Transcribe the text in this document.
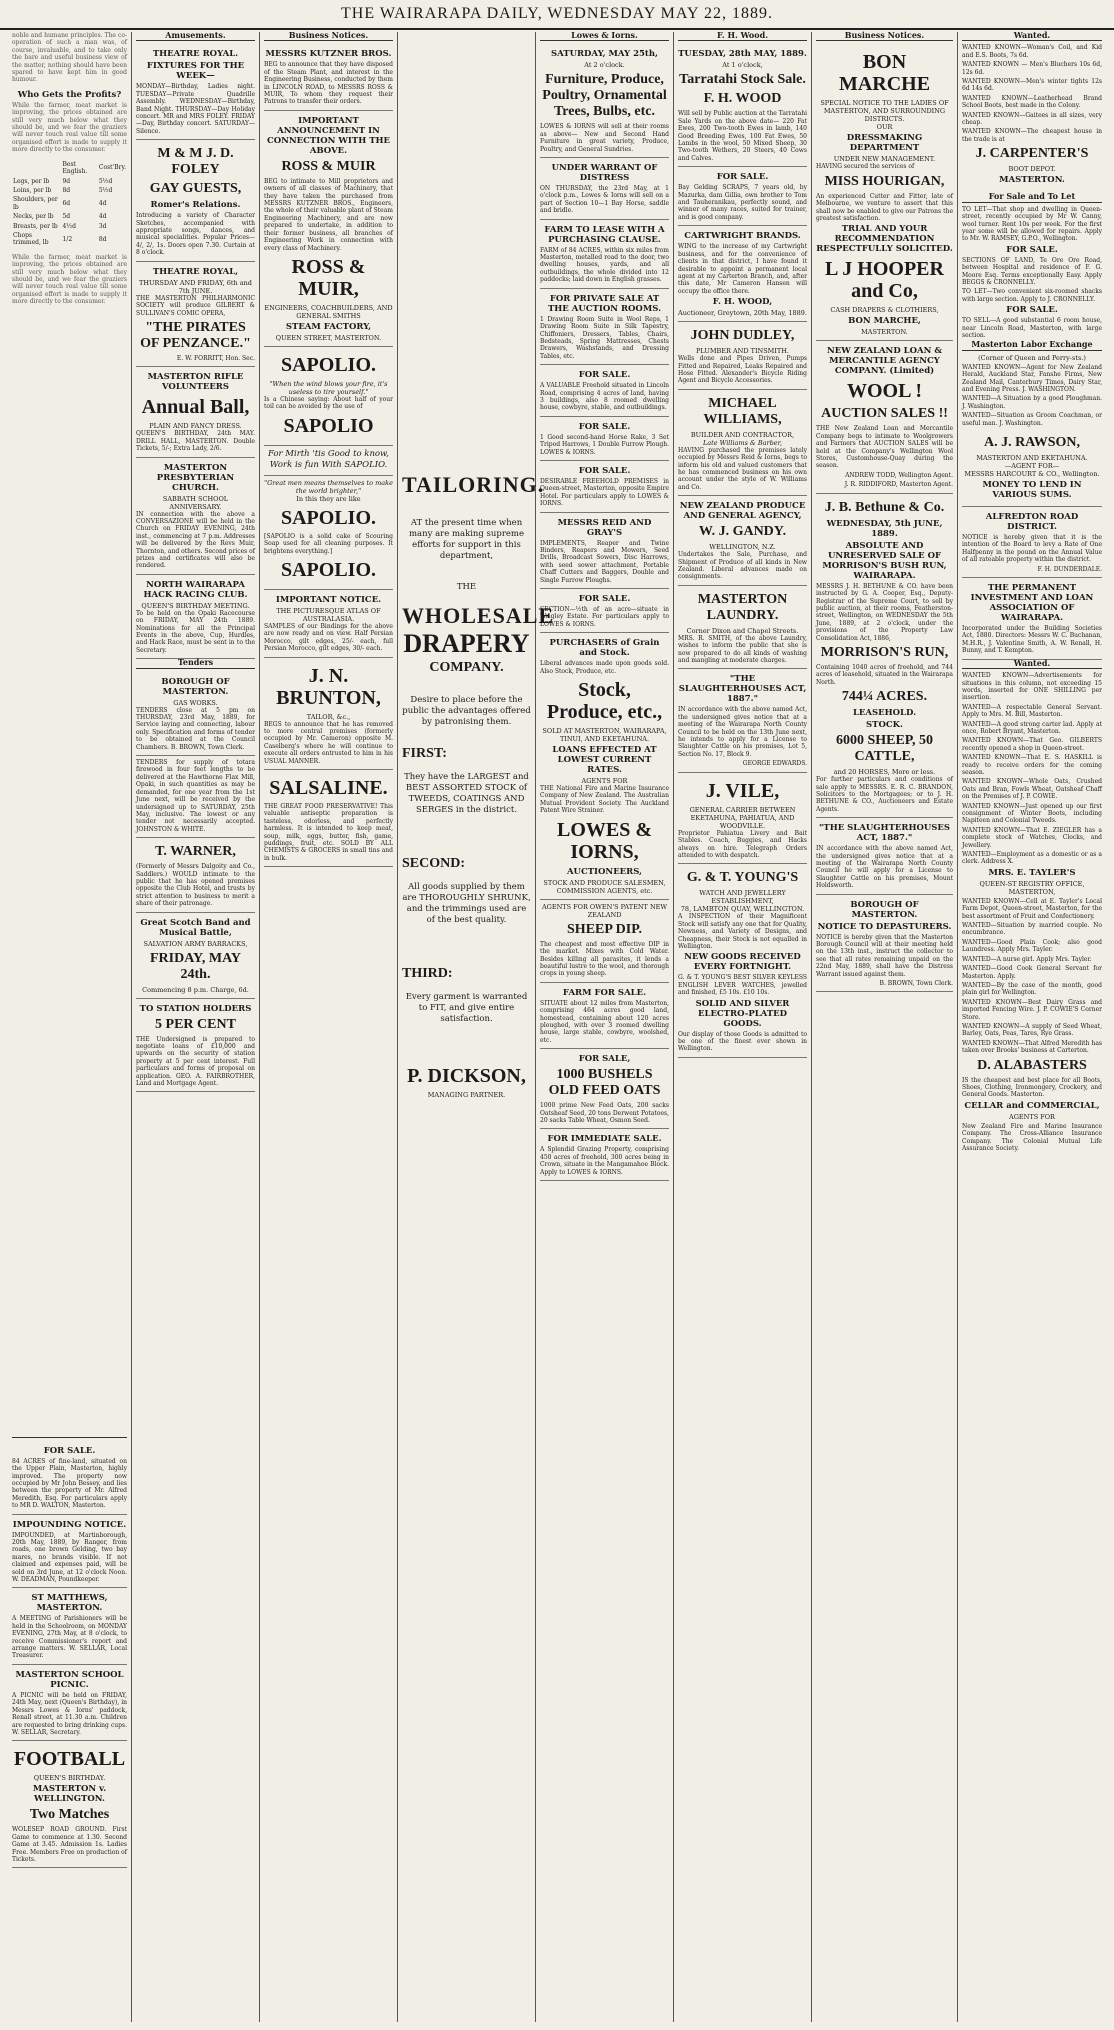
THE WAIRARAPA DAILY, WEDNESDAY MAY 22, 1889.
noble and humane principles. The co-operation of such a man was, of course, invaluable, and to take only the bare and useful business view of the matter, nothing should have been spared to have kept him in good humour.
Who Gets the Profits?
While the farmer, meat market is improving, the prices obtained are still very much below what they should be, and we fear the graziers will never touch real value till some organised effort is made to supply it more directly to the consumer.
	Best English.	Cost'Bry.
Legs, per lb	9d	5½d
Loins, per lb	8d	5½d
Shoulders, per lb	6d	4d
Necks, per lb	5d	4d
Breasts, per lb	4½d	3d
Chops trimmed, lb	1/2	8d
While the farmer, meat market is improving, the prices obtained are still very much below what they should be, and we fear the graziers will never touch real value till some organised effort is made to supply it more directly to the consumer.
FOR SALE.
84 ACRES of fine-land, situated on the Upper Plain, Masterton, highly improved. The property now occupied by Mr John Bessey, and lies between the property of Mr. Alfred Meredith, Esq. For particulars apply to MR D. WALTON, Masterton.
IMPOUNDING NOTICE.
IMPOUNDED, at Martinborough, 20th May, 1889, by Ranger, from roads, one brown Gelding, two bay mares, no brands visible. If not claimed and expenses paid, will be sold on 3rd June, at 12 o'clock Noon. W. DEADMAN, Poundkeeper.
ST MATTHEWS, MASTERTON.
A MEETING of Parishioners will be held in the Schoolroom, on MONDAY EVENING, 27th May, at 8 o'clock, to receive Commissioner's report and arrange matters. W. SELLAR, Local Treasurer.
MASTERTON SCHOOL PICNIC.
A PICNIC will be held on FRIDAY, 24th May, next (Queen's Birthday), in Messrs Lowes & Iorns' paddock, Renall street, at 11.30 a.m. Children are requested to bring drinking cups. W. SELLAR, Secretary.
FOOTBALL
QUEEN'S BIRTHDAY.
MASTERTON v. WELLINGTON.
Two Matches
WOLESEP ROAD GROUND. First Game to commence at 1.30. Second Game at 3.45. Admission 1s. Ladies Free. Members Free on production of Tickets.
Amusements.
THEATRE ROYAL.
FIXTURES FOR THE WEEK—
MONDAY—Birthday, Ladies night. TUESDAY—Private Quadrille Assembly. WEDNESDAY—Birthday, Band Night. THURSDAY—Day Holiday concert. MR and MRS FOLEY. FRIDAY—Day, Birthday concert. SATURDAY—Silence.
M & M J. D. FOLEY
GAY GUESTS,
Romer's Relations.
Introducing a variety of Character Sketches, accompanied with appropriate songs, dances, and musical specialities. Popular Prices—4/, 2/, 1s. Doors open 7.30. Curtain at 8 o'clock.
THEATRE ROYAL,
THURSDAY AND FRIDAY, 6th and 7th JUNE.
THE MASTERTON PHILHARMONIC SOCIETY will produce GILBERT & SULLIVAN'S COMIC OPERA,
"THE PIRATES OF PENZANCE."
E. W. FORRITT, Hon. Sec.
MASTERTON RIFLE VOLUNTEERS
Annual Ball,
PLAIN AND FANCY DRESS.
QUEEN'S BIRTHDAY, 24th MAY. DRILL HALL, MASTERTON. Double Tickets, 5/-; Extra Lady, 2/6.
MASTERTON PRESBYTERIAN CHURCH.
SABBATH SCHOOL ANNIVERSARY.
IN connection with the above a CONVERSAZIONE will be held in the Church on FRIDAY EVENING, 24th inst., commencing at 7 p.m. Addresses will be delivered by the Revs Muir, Thornton, and others. Second prices of prizes and certificates will also be rendered.
NORTH WAIRARAPA HACK RACING CLUB.
QUEEN'S BIRTHDAY MEETING.
To be held on the Opaki Racecourse on FRIDAY, MAY 24th 1889. Nominations for all the Principal Events in the above, Cup, Hurdles, and Hack Race, must be sent in to the Secretary.
Tenders
BOROUGH OF MASTERTON.
GAS WORKS.
TENDERS close at 5 pm on THURSDAY, 23rd May, 1889, for Service laying and connecting, labour only. Specification and forms of tender to be obtained at the Council Chambers. B. BROWN, Town Clerk.
TENDERS for supply of totara firewood in four feet lengths to be delivered at the Hawthorne Flax Mill, Opaki, in such quantities as may be demanded, for one year from the 1st June next, will be received by the undersigned up to SATURDAY, 25th May, inclusive. The lowest or any tender not necessarily accepted. JOHNSTON & WHITE.
T. WARNER,
(Formerly of Messrs Dalgoity and Co., Saddlers.) WOULD intimate to the public that he has opened premises opposite the Club Hotel, and trusts by strict attention to business to merit a share of their patronage.
Great Scotch Band and Musical Battle,
SALVATION ARMY BARRACKS,
FRIDAY, MAY 24th.
Commencing 8 p.m. Charge, 6d.
TO STATION HOLDERS
5 PER CENT
THE Undersigned is prepared to negotiate loans of £10,000 and upwards on the security of station property at 5 per cent interest. Full particulars and forms of proposal on application. GEO. A. FAIRBROTHER, Land and Mortgage Agent.
Business Notices.
MESSRS KUTZNER BROS.
BEG to announce that they have disposed of the Steam Plant, and interest in the Engineering Business, conducted by them in LINCOLN ROAD, to MESSRS ROSS & MUIR, To whom they request their Patrons to transfer their orders.
IMPORTANT ANNOUNCEMENT IN CONNECTION WITH THE ABOVE.
ROSS & MUIR
BEG to intimate to Mill proprietors and owners of all classes of Machinery, that they have taken the purchased from MESSRS KUTZNER BROS., Engineers, the whole of their valuable plant of Steam Engineering Machinery, and are now prepared to undertake, in addition to their former business, all branches of Engineering Work in connection with every class of Machinery.
ROSS & MUIR,
ENGINEERS, COACHBUILDERS, AND GENERAL SMITHS
STEAM FACTORY,
QUEEN STREET, MASTERTON.
SAPOLIO.
"When the wind blows your fire, it's useless to tire yourself."
Is a Chinese saying: About half of your toil can be avoided by the use of
SAPOLIO
For Mirth 'tis Good to know, Work is fun With SAPOLIO.
"Great men means themselves to make the world brighter,"
In this they are like
SAPOLIO.
[SAPOLIO is a solid cake of Scouring Soap used for all cleaning purposes. It brightens everything.]
SAPOLIO.
IMPORTANT NOTICE.
THE PICTURESQUE ATLAS OF AUSTRALASIA.
SAMPLES of our Bindings for the above are now ready and on view. Half Persian Morocco, gilt edges, 25/- each, full Persian Morocco, gilt edges, 30/- each.
J. N. BRUNTON,
TAILOR, &c.,
BEGS to announce that he has removed to more central premises (formerly occupied by Mr. Cameron) opposite M. Caselberg's where he will continue to execute all orders entrusted to him in his USUAL MANNER.
SALSALINE.
THE GREAT FOOD PRESERVATIVE! This valuable antiseptic preparation is tasteless, odorless, and perfectly harmless. It is intended to keep meat, soup, milk, eggs, butter, fish, game, puddings, fruit, etc. SOLD BY ALL CHEMISTS & GROCERS in small tins and in bulk.
TAILORING.
AT the present time when many are making supreme efforts for support in this department,
THE
WHOLESALE
DRAPERY
COMPANY.
Desire to place before the public the advantages offered by patronising them.
FIRST:
They have the LARGEST and BEST ASSORTED STOCK of TWEEDS, COATINGS AND SERGES in the district.
SECOND:
All goods supplied by them are THOROUGHLY SHRUNK, and the trimmings used are of the best quality.
THIRD:
Every garment is warranted to FIT, and give entire satisfaction.
P. DICKSON,
MANAGING PARTNER.
Lowes & Iorns.
SATURDAY, MAY 25th,
At 2 o'clock.
Furniture, Produce, Poultry, Ornamental Trees, Bulbs, etc.
LOWES & IORNS will sell at their rooms as above— New and Second Hand Furniture in great variety, Produce, Poultry, and General Sundries.
UNDER WARRANT OF DISTRESS
ON THURSDAY, the 23rd May, at 1 o'clock p.m., Lowes & Iorns will sell on a part of Section 10—1 Bay Horse, saddle and bridle.
FARM TO LEASE WITH A PURCHASING CLAUSE.
FARM of 84 ACRES, within six miles from Masterton, metalled road to the door, two dwelling houses, yards, and all outbuildings, the whole divided into 12 paddocks; laid down in English grasses.
FOR PRIVATE SALE AT THE AUCTION ROOMS.
1 Drawing Room Suite in Wool Reps, 1 Drawing Room Suite in Silk Tapestry, Chiffoniers, Dressers, Tables, Chairs, Bedsteads, Spring Mattresses, Chests Drawers, Washstands, and Dressing Tables, etc.
FOR SALE.
A VALUABLE Freehold situated in Lincoln Road, comprising 4 acres of land, having 3 buildings, also 8 roomed dwelling house, cowbyre, stable, and outbuildings.
FOR SALE.
1 Good second-hand Horse Rake, 3 Set Tripod Harrows, 1 Double Furrow Plough. LOWES & IORNS.
FOR SALE.
DESIRABLE FREEHOLD PREMISES in Queen-street, Masterton, opposite Empire Hotel. For particulars apply to LOWES & IORNS.
MESSRS REID AND GRAY'S
IMPLEMENTS, Reaper and Twine Binders, Reapers and Mowers, Seed Drills, Broadcast Sowers, Disc Harrows, with seed sower attachment, Portable Chaff Cutters and Baggers, Double and Single Furrow Ploughs.
FOR SALE.
SECTION—½th of an acre—situate in Wrigley Estate. For particulars apply to LOWES & IORNS.
PURCHASERS of Grain and Stock.
Liberal advances made upon goods sold. Also Stock, Produce, etc.
Stock, Produce, etc.,
SOLD AT MASTERTON, WAIRARAPA, TINUI, AND EKETAHUNA.
LOANS EFFECTED AT LOWEST CURRENT RATES.
AGENTS FOR
THE National Fire and Marine Insurance Company of New Zealand. The Australian Mutual Provident Society. The Auckland Patent Wire Strainer.
LOWES & IORNS,
AUCTIONEERS,
STOCK AND PRODUCE SALESMEN, COMMISSION AGENTS, etc.
AGENTS FOR OWEN'S PATENT NEW ZEALAND
SHEEP DIP.
The cheapest and most effective DIP in the market. Mixes with Cold Water. Besides killing all parasites, it lends a beautiful lustre to the wool, and thorough crops in young sheep.
FARM FOR SALE.
SITUATE about 12 miles from Masterton, comprising 464 acres good land, homestead, containing about 120 acres ploughed, with over 3 roomed dwelling house, large stable, cowbyre, woolshed, etc.
FOR SALE,
1000 BUSHELS OLD FEED OATS
1000 prime New Feed Oats, 200 sacks Oatsheaf Seed, 20 tons Derwent Potatoes, 20 sacks Table Wheat, Osmon Seed.
FOR IMMEDIATE SALE.
A Splendid Grazing Property, comprising 450 acres of freehold, 300 acres being in Crown, situate in the Mangamahoe Block. Apply to LOWES & IORNS.
F. H. Wood.
TUESDAY, 28th MAY, 1889.
At 1 o'clock,
Tarratahi Stock Sale.
F. H. WOOD
Will sell by Public auction at the Tarratahi Sale Yards on the above date— 220 Fat Ewes, 200 Two-tooth Ewes in lamb, 140 Good Breeding Ewes, 100 Fat Ewes, 50 Lambs in the wool, 50 Mixed Sheep, 30 Two-tooth Wethers, 20 Steers, 40 Cows and Calves.
FOR SALE.
Bay Gelding SCRAPS, 7 years old, by Mazurka, dam Gillia, own brother to Tom and Tauheranikau, perfectly sound, and winner of many races, suited for trainer, and is good company.
CARTWRIGHT BRANDS.
WING to the increase of my Cartwright business, and for the convenience of clients in that district, I have found it desirable to appoint a permanent local agent at my Carterton Branch, and, after this date, Mr Cameron Hansen will occupy the office there.
F. H. WOOD,
Auctioneer, Greytown, 20th May, 1889.
JOHN DUDLEY,
PLUMBER AND TINSMITH.
Wells done and Pipes Driven, Pumps Fitted and Repaired, Leaks Repaired and Hose Fitted. Alexander's Bicycle Riding Agent and Bicycle Accessories.
MICHAEL WILLIAMS,
BUILDER AND CONTRACTOR,
Late Williams & Barber,
HAVING purchased the premises lately occupied by Messrs Reid & Iorns, begs to inform his old and valued customers that he has commenced business on his own account under the style of W. Williams and Co.
NEW ZEALAND PRODUCE AND GENERAL AGENCY,
W. J. GANDY.
WELLINGTON, N.Z.
Undertakes the Sale, Purchase, and Shipment of Produce of all kinds in New Zealand. Liberal advances made on consignments.
MASTERTON LAUNDRY.
Corner Dixon and Chapel Streets.
MRS. R. SMITH, of the above Laundry, wishes to inform the public that she is now prepared to do all kinds of washing and mangling at moderate charges.
"THE SLAUGHTERHOUSES ACT, 1887."
IN accordance with the above named Act, the undersigned gives notice that at a meeting of the Wairarapa North County Council to be held on the 13th June next, he intends to apply for a License to Slaughter Cattle on his premises, Lot 5, Section No. 17, Block 9.
GEORGE EDWARDS.
J. VILE,
GENERAL CARRIER BETWEEN EKETAHUNA, PAHIATUA, AND WOODVILLE.
Proprietor Pahiatua Livery and Bait Stables. Coach, Buggies, and Hacks always on hire. Telegraph Orders attended to with despatch.
G. & T. YOUNG'S
WATCH AND JEWELLERY ESTABLISHMENT,
78, LAMBTON QUAY, WELLINGTON.
A INSPECTION of their Magnificent Stock will satisfy any one that for Quality, Newness, and Variety of Designs, and Cheapness, their Stock is not equalled in Wellington.
NEW GOODS RECEIVED EVERY FORTNIGHT.
G. & T. YOUNG'S BEST SILVER KEYLESS ENGLISH LEVER WATCHES, jewelled and finished, £5 10s. £10 10s.
SOLID AND SILVER ELECTRO-PLATED GOODS.
Our display of those Goods is admitted to be one of the finest ever shown in Wellington.
Business Notices.
BON MARCHE
SPECIAL NOTICE TO THE LADIES OF MASTERTON, AND SURROUNDING DISTRICTS.
OUR
DRESSMAKING DEPARTMENT
UNDER NEW MANAGEMENT.
HAVING secured the services of
MISS HOURIGAN,
An experienced Cutter and Fitter, late of Melbourne, we venture to assert that this shall now be enabled to give our Patrons the greatest satisfaction.
TRIAL AND YOUR RECOMMENDATION RESPECTFULLY SOLICITED.
L J HOOPER and Co,
CASH DRAPERS & CLOTHIERS,
BON MARCHE,
MASTERTON.
NEW ZEALAND LOAN & MERCANTILE AGENCY COMPANY. (Limited)
WOOL !
AUCTION SALES !!
THE New Zealand Loan and Mercantile Company begs to intimate to Woolgrowers and Farmers that AUCTION SALES will be held at the Company's Wellington Wool Stores, Customhouse-Quay during the season.
ANDREW TODD, Wellington Agent.
J. R. RIDDIFORD, Masterton Agent.
J. B. Bethune & Co.
WEDNESDAY, 5th JUNE, 1889.
ABSOLUTE AND UNRESERVED SALE OF MORRISON'S BUSH RUN, WAIRARAPA.
MESSRS J. H. BETHUNE & CO. have been instructed by G. A. Cooper, Esq., Deputy-Registrar of the Supreme Court, to sell by public auction, at their rooms, Featherston-street, Wellington, on WEDNESDAY the 5th June, 1889, at 2 o'clock, under the provisions of the Property Law Consolidation Act, 1886,
MORRISON'S RUN,
Containing 1040 acres of freehold, and 744 acres of leasehold, situated in the Wairarapa North.
744¼ ACRES.
LEASEHOLD.
STOCK.
6000 SHEEP, 50 CATTLE,
and 20 HORSES, More or less.
For further particulars and conditions of sale apply to MESSRS. E. R. C. BRANDON, Solicitors to the Mortgagees; or to J. H. BETHUNE & CO., Auctioneers and Estate Agents.
"THE SLAUGHTERHOUSES ACT, 1887."
IN accordance with the above named Act, the undersigned gives notice that at a meeting of the Wairarapa North County Council he will apply for a License to Slaughter Cattle on his premises, Mount Holdsworth.
BOROUGH OF MASTERTON.
NOTICE TO DEPASTURERS.
NOTICE is hereby given that the Masterton Borough Council will at their meeting held on the 13th inst., instruct the collector to see that all rates remaining unpaid on the 22nd May, 1889, shall have the Distress Warrant issued against them.
B. BROWN, Town Clerk.
Wanted.
WANTED KNOWN—Woman's Coil, and Kid and E.S. Boots, 7s 6d.
WANTED KNOWN — Men's Bluchers 10s 6d, 12s 6d.
WANTED KNOWN—Men's winter tights 12s 6d 14s 6d.
WANTED KNOWN—Leatherhead Brand School Boots, best made in the Colony.
WANTED KNOWN—Gaitees in all sizes, very cheap.
WANTED KNOWN—The cheapest house in the trade is at
J. CARPENTER'S
BOOT DEPOT.
MASTERTON.
For Sale and To Let
TO LET—That shop and dwelling in Queen-street, recently occupied by Mr W. Canny, wool turner. Rent 10s per week. For the first year some will be allowed for repairs. Apply to Mr. W. RAMSEY, G.P.O., Wellington.
FOR SALE.
SECTIONS OF LAND, Te Ore Ore Road, between Hospital and residence of F. G. Moore Esq. Terms exceptionally Easy. Apply BEGGS & CRONNELLY.
TO LET—Two convenient six-roomed shacks with large section. Apply to J. CRONNELLY.
FOR SALE.
TO SELL—A good substantial 6 room house, near Lincoln Road, Masterton, with large section.
Masterton Labor Exchange
(Corner of Queen and Perry-sts.)
WANTED KNOWN—Agent for New Zealand Herald, Auckland Star, Fanshe Firms, New Zealand Mail, Canterbury Times, Dairy Star, and Evening Press. J. WASHINGTON.
WANTED—A Situation by a good Ploughman. J. Washington.
WANTED—Situation as Groom Coachman, or useful man. J. Washington.
A. J. RAWSON,
MASTERTON AND EKETAHUNA.
—AGENT FOR—
MESSRS HARCOURT & CO., Wellington.
MONEY TO LEND IN VARIOUS SUMS.
ALFREDTON ROAD DISTRICT.
NOTICE is hereby given that it is the intention of the Board to levy a Rate of One Halfpenny in the pound on the Annual Value of all rateable property within the district.
F. H. DUNDERDALE.
THE PERMANENT INVESTMENT AND LOAN ASSOCIATION OF WAIRARAPA.
Incorporated under the Building Societies Act, 1880. Directors: Messrs W. C. Buchanan, M.H.R., J. Valentine Smith, A. W. Renall, H. Bunny, and T. Kempton.
Wanted.
WANTED KNOWN—Advertisements for situations in this column, not exceeding 15 words, inserted for ONE SHILLING per insertion.
WANTED—A respectable General Servant. Apply to Mrs. M. Bill, Masterton.
WANTED—A good strong carter lad. Apply at once, Robert Bryant, Masterton.
WANTED KNOWN—That Geo. GILBERTS recently opened a shop in Queen-street.
WANTED KNOWN—That E. S. HASKILL is ready to receive orders for the coming season.
WANTED KNOWN—Whole Oats, Crushed Oats and Bran, Fowls Wheat, Oatsheaf Chaff on the Premises of J. P. COWIE.
WANTED KNOWN—Just opened up our first consignment of Winter Boots, including Napiteen and Colonial Tweeds.
WANTED KNOWN—That E. ZIEGLER has a complete stock of Watches, Clocks, and Jewellery.
WANTED—Employment as a domestic or as a clerk. Address X.
MRS. E. TAYLER'S
QUEEN-ST REGISTRY OFFICE, MASTERTON,
WANTED KNOWN—Cell at E. Tayler's Local Farm Depot, Queen-street, Masterton, for the best assortment of Fruit and Confectionery.
WANTED—Situation by married couple. No encumbrance.
WANTED—Good Plain Cook; also good Laundress. Apply Mrs. Tayler.
WANTED—A nurse girl. Apply Mrs. Tayler.
WANTED—Good Cook General Servant for Masterton. Apply.
WANTED—By the case of the month, good plain girl for Wellington.
WANTED KNOWN—Best Dairy Grass and imported Fencing Wire. J. P. COWIE'S Corner Store.
WANTED KNOWN—A supply of Seed Wheat, Barley, Oats, Peas, Tares, Rye Grass.
WANTED KNOWN—That Alfred Meredith has taken over Brooks' business at Carterton.
D. ALABASTERS
IS the cheapest and best place for all Boots, Shoes, Clothing, Ironmongery, Crockery, and General Goods. Masterton.
CELLAR and COMMERCIAL,
AGENTS FOR
New Zealand Fire and Marine Insurance Company. The Cross-Alliance Insurance Company. The Colonial Mutual Life Assurance Society.
